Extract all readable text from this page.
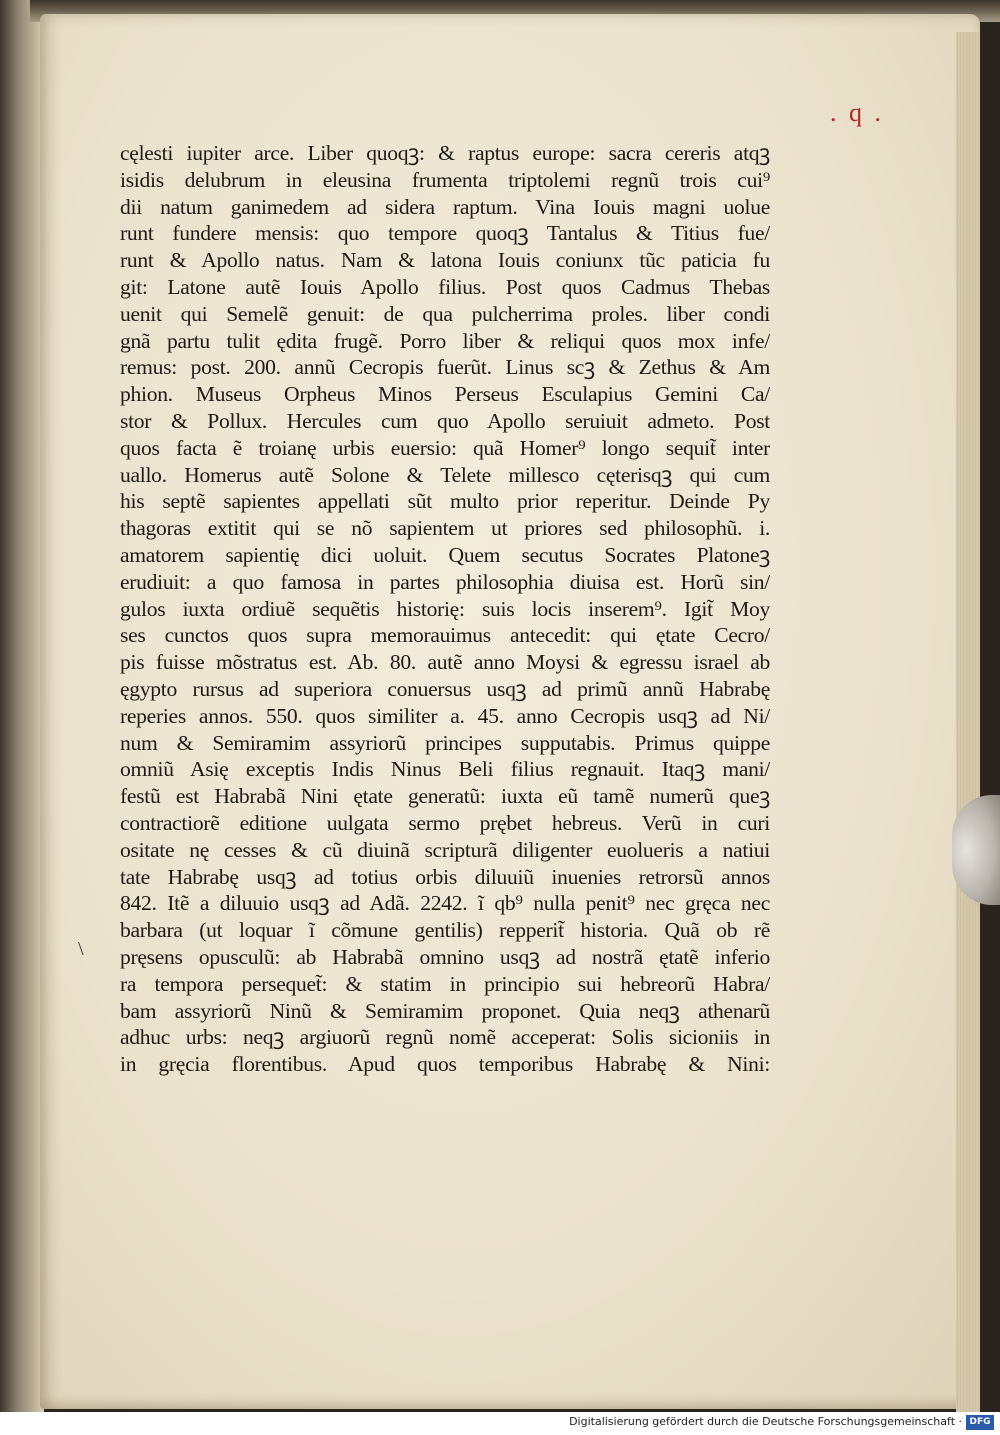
. q .
\
cęlesti iupiter arce. Liber quoqꝫ: & raptus europe: sacra cereris atqꝫ
isidis delubrum in eleusina frumenta triptolemi regnũ trois cui⁹
dii natum ganimedem ad sidera raptum. Vina Iouis magni uolue
runt fundere mensis: quo tempore quoqꝫ Tantalus & Titius fue/
runt & Apollo natus. Nam & latona Iouis coniunx tũc paticia fu
git: Latone autẽ Iouis Apollo filius. Post quos Cadmus Thebas
uenit qui Semelẽ genuit: de qua pulcherrima proles. liber condi
gnã partu tulit ędita frugẽ. Porro liber & reliqui quos mox infe/
remus: post. 200. annũ Cecropis fuerũt. Linus scꝫ & Zethus & Am
phion. Museus Orpheus Minos Perseus Esculapius Gemini Ca/
stor & Pollux. Hercules cum quo Apollo seruiuit admeto. Post
quos facta ẽ troianę urbis euersio: quã Homer⁹ longo sequit̃ inter
uallo. Homerus autẽ Solone & Telete millesco cęterisqꝫ qui cum
his septẽ sapientes appellati sũt multo prior reperitur. Deinde Py
thagoras extitit qui se nõ sapientem ut priores sed philosophũ. i.
amatorem sapientię dici uoluit. Quem secutus Socrates Platoneꝫ
erudiuit: a quo famosa in partes philosophia diuisa est. Horũ sin/
gulos iuxta ordiuẽ sequẽtis historię: suis locis inserem⁹. Igit̃ Moy
ses cunctos quos supra memorauimus antecedit: qui ętate Cecro/
pis fuisse mõstratus est. Ab. 80. autẽ anno Moysi & egressu israel ab
ęgypto rursus ad superiora conuersus usqꝫ ad primũ annũ Habrabę
reperies annos. 550. quos similiter a. 45. anno Cecropis usqꝫ ad Ni/
num & Semiramim assyriorũ principes supputabis. Primus quippe
omniũ Asię exceptis Indis Ninus Beli filius regnauit. Itaqꝫ mani/
festũ est Habrabã Nini ętate generatũ: iuxta eũ tamẽ numerũ queꝫ
contractiorẽ editione uulgata sermo prębet hebreus. Verũ in curi
ositate nę cesses & cũ diuinã scripturã diligenter euolueris a natiui
tate Habrabę usqꝫ ad totius orbis diluuiũ inuenies retrorsũ annos
842. Itẽ a diluuio usqꝫ ad Adã. 2242. ĩ qb⁹ nulla penit⁹ nec gręca nec
barbara (ut loquar ĩ cõmune gentilis) repperit̃ historia. Quã ob rẽ
pręsens opusculũ: ab Habrabã omnino usqꝫ ad nostrã ętatẽ inferio
ra tempora persequet̃: & statim in principio sui hebreorũ Habra/
bam assyriorũ Ninũ & Semiramim proponet. Quia neqꝫ athenarũ
adhuc urbs: neqꝫ argiuorũ regnũ nomẽ acceperat: Solis sicioniis in
in gręcia florentibus. Apud quos temporibus Habrabę & Nini:
Digitalisierung gefördert durch die Deutsche Forschungsgemeinschaft · DFG
